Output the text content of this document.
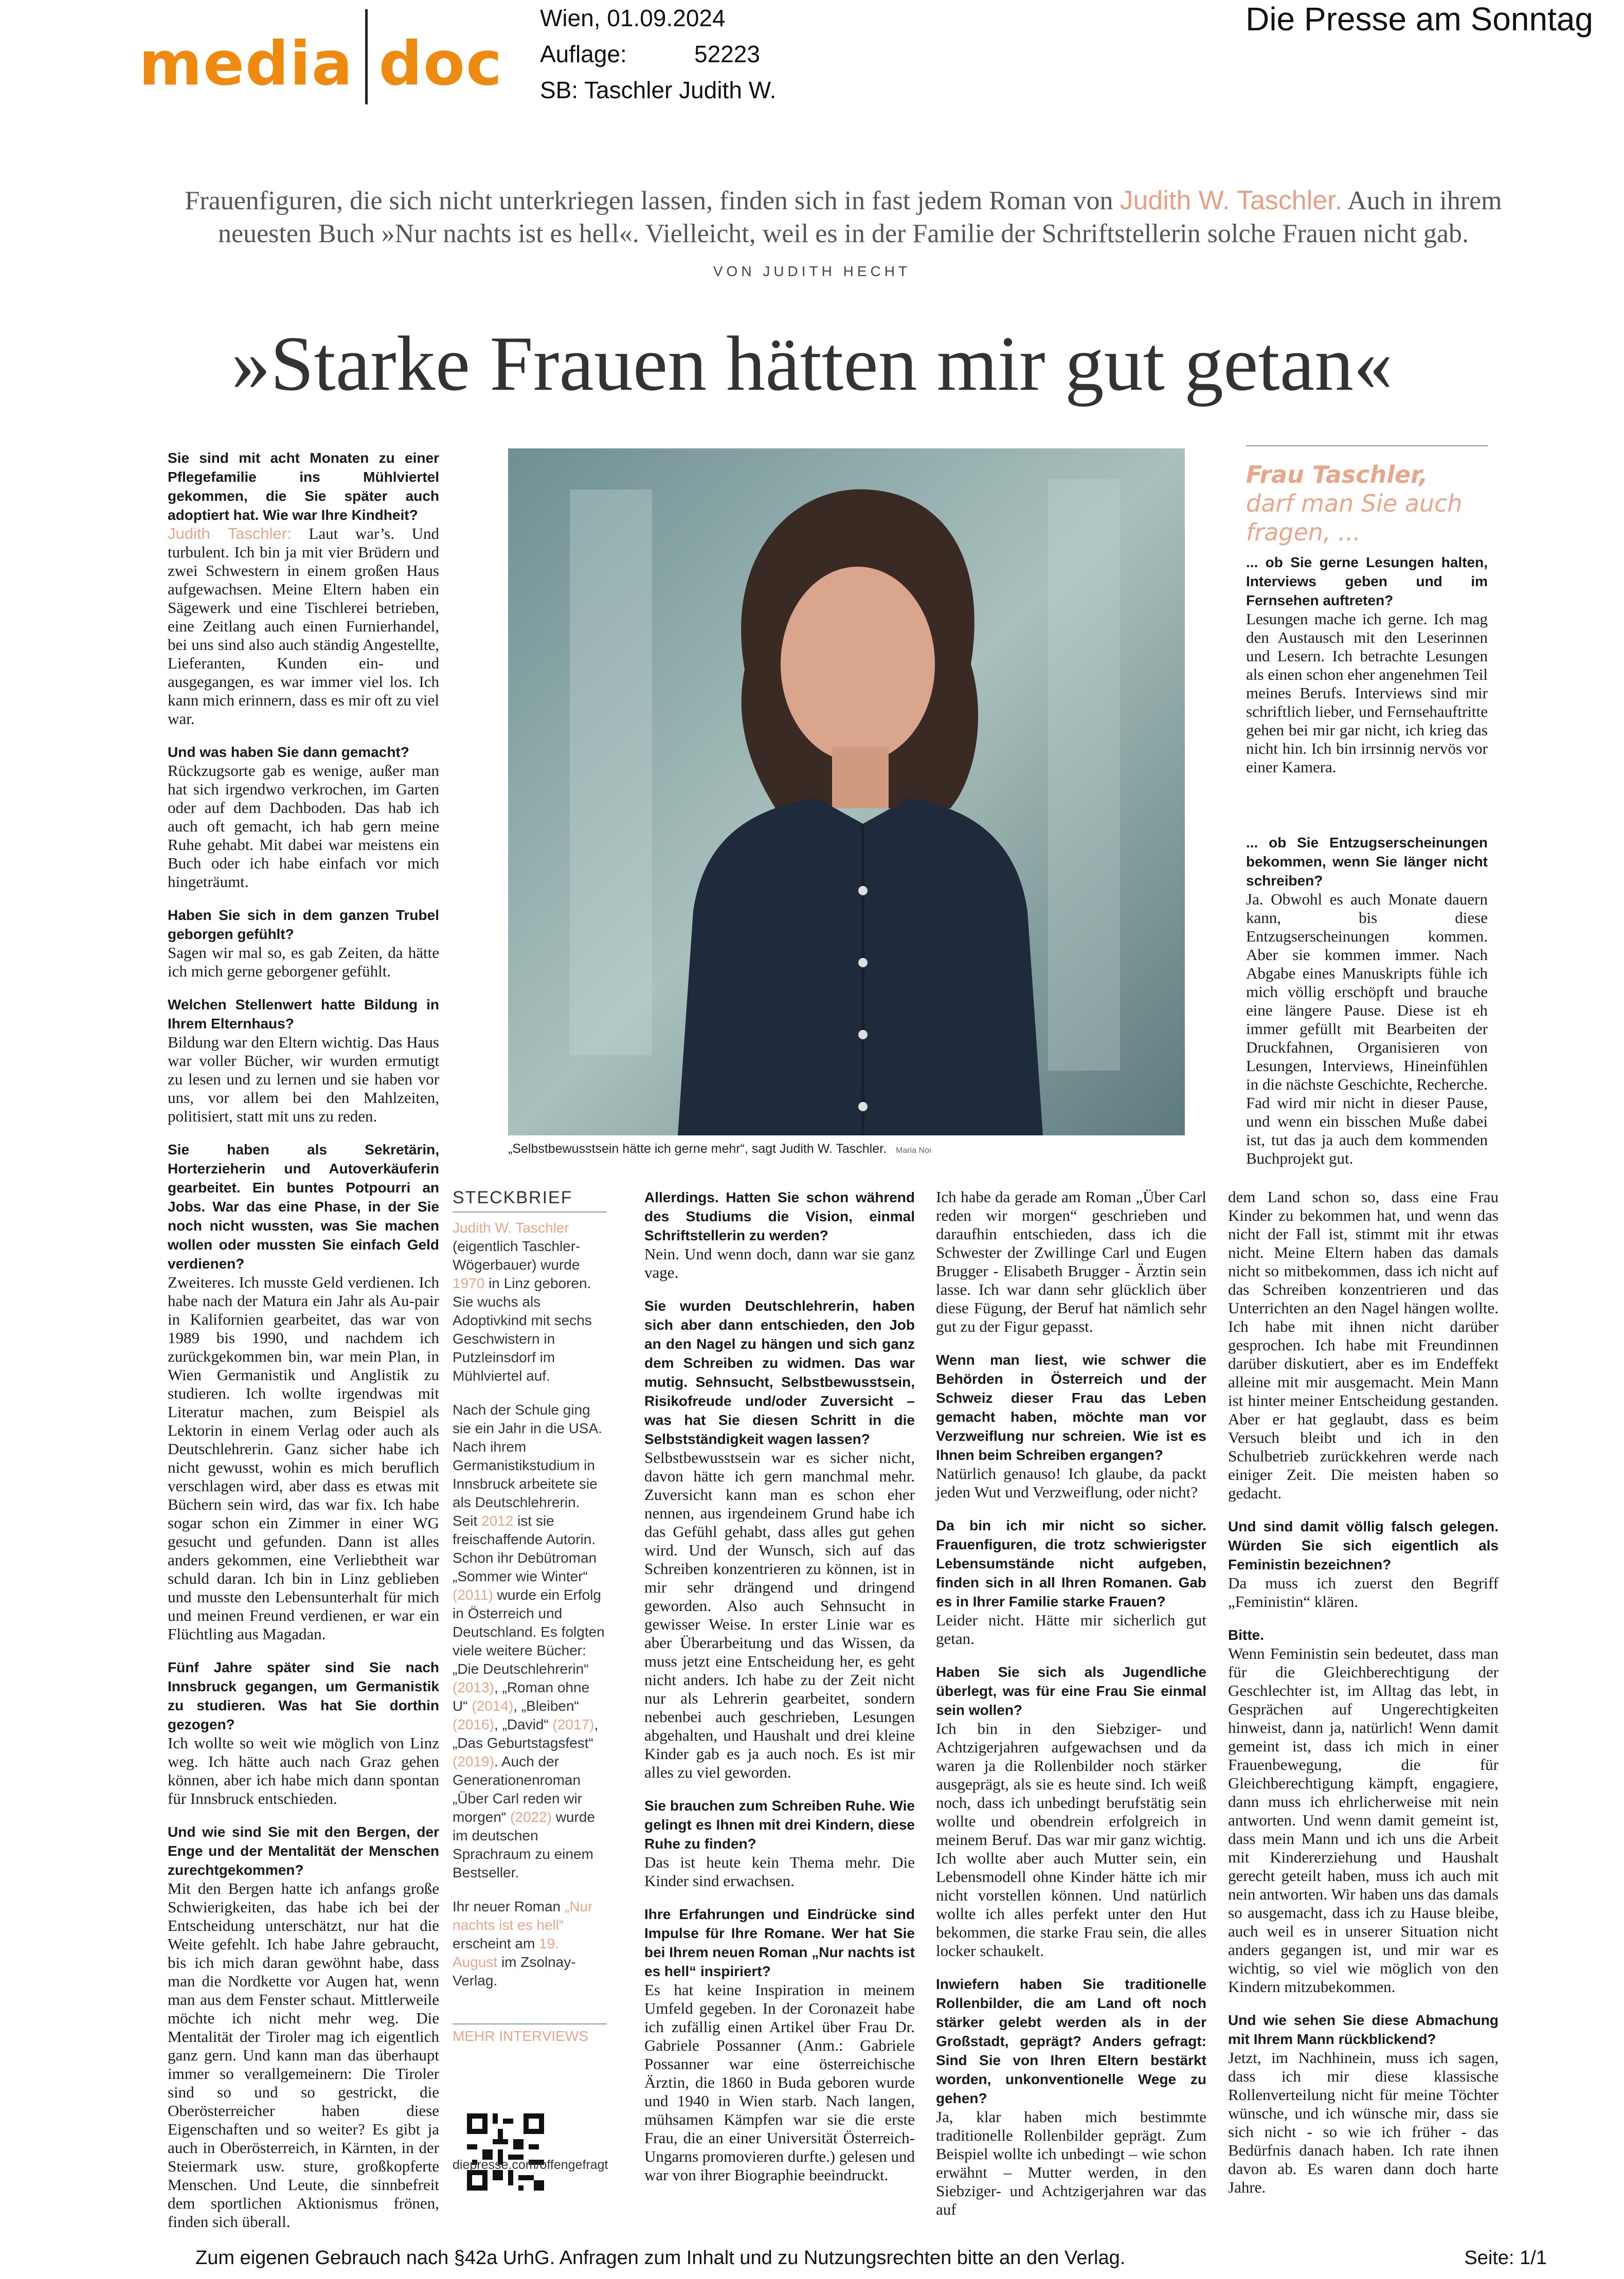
media doc
Wien, 01.09.2024
Auflage:	52223
SB: Taschler Judith W.
Die Presse am Sonntag
Frauenfiguren, die sich nicht unterkriegen lassen, finden sich in fast jedem Roman von Judith W. Taschler. Auch in ihrem
neuesten Buch »Nur nachts ist es hell«. Vielleicht, weil es in der Familie der Schriftstellerin solche Frauen nicht gab.
VON JUDITH HECHT
»Starke Frauen hätten mir gut getan«

Sie sind mit acht Monaten zu einer Pflegefamilie ins Mühlviertel gekommen, die Sie später auch adoptiert hat. Wie war Ihre Kindheit?
Judith Taschler: Laut war’s. Und turbulent. Ich bin ja mit vier Brüdern und zwei Schwestern in einem großen Haus aufgewachsen. Meine Eltern haben ein Sägewerk und eine Tischlerei betrieben, eine Zeitlang auch einen Furnierhandel, bei uns sind also auch ständig Angestellte, Lieferanten, Kunden ein- und ausgegangen, es war immer viel los. Ich kann mich erinnern, dass es mir oft zu viel war.

Und was haben Sie dann gemacht?
Rückzugsorte gab es wenige, außer man hat sich irgendwo verkrochen, im Garten oder auf dem Dachboden. Das hab ich auch oft gemacht, ich hab gern meine Ruhe gehabt. Mit dabei war meistens ein Buch oder ich habe einfach vor mich hingeträumt.

Haben Sie sich in dem ganzen Trubel geborgen gefühlt?
Sagen wir mal so, es gab Zeiten, da hätte ich mich gerne geborgener gefühlt.

Welchen Stellenwert hatte Bildung in Ihrem Elternhaus?
Bildung war den Eltern wichtig. Das Haus war voller Bücher, wir wurden ermutigt zu lesen und zu lernen und sie haben vor uns, vor allem bei den Mahlzeiten, politisiert, statt mit uns zu reden.

Sie haben als Sekretärin, Horterzieherin und Autoverkäuferin gearbeitet. Ein buntes Potpourri an Jobs. War das eine Phase, in der Sie noch nicht wussten, was Sie machen wollen oder mussten Sie einfach Geld verdienen?
Zweiteres. Ich musste Geld verdienen. Ich habe nach der Matura ein Jahr als Au-pair in Kalifornien gearbeitet, das war von 1989 bis 1990, und nachdem ich zurückgekommen bin, war mein Plan, in Wien Germanistik und Anglistik zu studieren. Ich wollte irgendwas mit Literatur machen, zum Beispiel als Lektorin in einem Verlag oder auch als Deutschlehrerin. Ganz sicher habe ich nicht gewusst, wohin es mich beruflich verschlagen wird, aber dass es etwas mit Büchern sein wird, das war fix. Ich habe sogar schon ein Zimmer in einer WG gesucht und gefunden. Dann ist alles anders gekommen, eine Verliebtheit war schuld daran. Ich bin in Linz geblieben und musste den Lebensunterhalt für mich und meinen Freund verdienen, er war ein Flüchtling aus Magadan.

Fünf Jahre später sind Sie nach Innsbruck gegangen, um Germanistik zu studieren. Was hat Sie dorthin gezogen?
Ich wollte so weit wie möglich von Linz weg. Ich hätte auch nach Graz gehen können, aber ich habe mich dann spontan für Innsbruck entschieden.

Und wie sind Sie mit den Bergen, der Enge und der Mentalität der Menschen zurechtgekommen?
Mit den Bergen hatte ich anfangs große Schwierigkeiten, das habe ich bei der Entscheidung unterschätzt, nur hat die Weite gefehlt. Ich habe Jahre gebraucht, bis ich mich daran gewöhnt habe, dass man die Nordkette vor Augen hat, wenn man aus dem Fenster schaut. Mittlerweile möchte ich nicht mehr weg. Die Mentalität der Tiroler mag ich eigentlich ganz gern. Und kann man das überhaupt immer so verallgemeinern: Die Tiroler sind so und so gestrickt, die Oberösterreicher haben diese Eigenschaften und so weiter? Es gibt ja auch in Oberösterreich, in Kärnten, in der Steiermark usw. sture, großkopferte Menschen. Und Leute, die sinnbefreit dem sportlichen Aktionismus frönen, finden sich überall.

„Selbstbewusstsein hätte ich gerne mehr“, sagt Judith W. Taschler. Maria Noi
Frau Taschler,
darf man Sie auch fragen, ...

... ob Sie gerne Lesungen halten, Interviews geben und im Fernsehen auftreten?
Lesungen mache ich gerne. Ich mag den Austausch mit den Leserinnen und Lesern. Ich betrachte Lesungen als einen schon eher angenehmen Teil meines Berufs. Interviews sind mir schriftlich lieber, und Fernsehauftritte gehen bei mir gar nicht, ich krieg das nicht hin. Ich bin irrsinnig nervös vor einer Kamera.

... ob Sie Entzugserscheinungen bekommen, wenn Sie länger nicht schreiben?
Ja. Obwohl es auch Monate dauern kann, bis diese Entzugserscheinungen kommen. Aber sie kommen immer. Nach Abgabe eines Manuskripts fühle ich mich völlig erschöpft und brauche eine längere Pause. Diese ist eh immer gefüllt mit Bearbeiten der Druckfahnen, Organisieren von Lesungen, Interviews, Hineinfühlen in die nächste Geschichte, Recherche. Fad wird mir nicht in dieser Pause, und wenn ein bisschen Muße dabei ist, tut das ja auch dem kommenden Buchprojekt gut.

STECKBRIEF

Judith W. Taschler (eigentlich Taschler-Wögerbauer) wurde 1970 in Linz geboren. Sie wuchs als Adoptivkind mit sechs Geschwistern in Putzleinsdorf im Mühlviertel auf.

Nach der Schule ging sie ein Jahr in die USA. Nach ihrem Germanistikstudium in Innsbruck arbeitete sie als Deutschlehrerin. Seit 2012 ist sie freischaffende Autorin. Schon ihr Debütroman „Sommer wie Winter“ (2011) wurde ein Erfolg in Österreich und Deutschland. Es folgten viele weitere Bücher: „Die Deutschlehrerin“ (2013), „Roman ohne U“ (2014), „Bleiben“ (2016), „David“ (2017), „Das Geburtstagsfest“ (2019). Auch der Generationenroman „Über Carl reden wir morgen“ (2022) wurde im deutschen Sprachraum zu einem Bestseller.

Ihr neuer Roman „Nur nachts ist es hell“ erscheint am 19. August im Zsolnay-Verlag.

MEHR INTERVIEWS
diepresse.com/offengefragt

Allerdings. Hatten Sie schon während des Studiums die Vision, einmal Schriftstellerin zu werden?
Nein. Und wenn doch, dann war sie ganz vage.

Sie wurden Deutschlehrerin, haben sich aber dann entschieden, den Job an den Nagel zu hängen und sich ganz dem Schreiben zu widmen. Das war mutig. Sehnsucht, Selbstbewusstsein, Risikofreude und/oder Zuversicht – was hat Sie diesen Schritt in die Selbstständigkeit wagen lassen?
Selbstbewusstsein war es sicher nicht, davon hätte ich gern manchmal mehr. Zuversicht kann man es schon eher nennen, aus irgendeinem Grund habe ich das Gefühl gehabt, dass alles gut gehen wird. Und der Wunsch, sich auf das Schreiben konzentrieren zu können, ist in mir sehr drängend und dringend geworden. Also auch Sehnsucht in gewisser Weise. In erster Linie war es aber Überarbeitung und das Wissen, da muss jetzt eine Entscheidung her, es geht nicht anders. Ich habe zu der Zeit nicht nur als Lehrerin gearbeitet, sondern nebenbei auch geschrieben, Lesungen abgehalten, und Haushalt und drei kleine Kinder gab es ja auch noch. Es ist mir alles zu viel geworden.

Sie brauchen zum Schreiben Ruhe. Wie gelingt es Ihnen mit drei Kindern, diese Ruhe zu finden?
Das ist heute kein Thema mehr. Die Kinder sind erwachsen.

Ihre Erfahrungen und Eindrücke sind Impulse für Ihre Romane. Wer hat Sie bei Ihrem neuen Roman „Nur nachts ist es hell“ inspiriert?
Es hat keine Inspiration in meinem Umfeld gegeben. In der Coronazeit habe ich zufällig einen Artikel über Frau Dr. Gabriele Possanner (Anm.: Gabriele Possanner war eine österreichische Ärztin, die 1860 in Buda geboren wurde und 1940 in Wien starb. Nach langen, mühsamen Kämpfen war sie die erste Frau, die an einer Universität Österreich-Ungarns promovieren durfte.) gelesen und war von ihrer Biographie beeindruckt.

Ich habe da gerade am Roman „Über Carl reden wir morgen“ geschrieben und daraufhin entschieden, dass ich die Schwester der Zwillinge Carl und Eugen Brugger - Elisabeth Brugger - Ärztin sein lasse. Ich war dann sehr glücklich über diese Fügung, der Beruf hat nämlich sehr gut zu der Figur gepasst.

Wenn man liest, wie schwer die Behörden in Österreich und der Schweiz dieser Frau das Leben gemacht haben, möchte man vor Verzweiflung nur schreien. Wie ist es Ihnen beim Schreiben ergangen?
Natürlich genauso! Ich glaube, da packt jeden Wut und Verzweiflung, oder nicht?

Da bin ich mir nicht so sicher. Frauenfiguren, die trotz schwierigster Lebensumstände nicht aufgeben, finden sich in all Ihren Romanen. Gab es in Ihrer Familie starke Frauen?
Leider nicht. Hätte mir sicherlich gut getan.

Haben Sie sich als Jugendliche überlegt, was für eine Frau Sie einmal sein wollen?
Ich bin in den Siebziger- und Achtzigerjahren aufgewachsen und da waren ja die Rollenbilder noch stärker ausgeprägt, als sie es heute sind. Ich weiß noch, dass ich unbedingt berufstätig sein wollte und obendrein erfolgreich in meinem Beruf. Das war mir ganz wichtig. Ich wollte aber auch Mutter sein, ein Lebensmodell ohne Kinder hätte ich mir nicht vorstellen können. Und natürlich wollte ich alles perfekt unter den Hut bekommen, die starke Frau sein, die alles locker schaukelt.

Inwiefern haben Sie traditionelle Rollenbilder, die am Land oft noch stärker gelebt werden als in der Großstadt, geprägt? Anders gefragt: Sind Sie von Ihren Eltern bestärkt worden, unkonventionelle Wege zu gehen?
Ja, klar haben mich bestimmte traditionelle Rollenbilder geprägt. Zum Beispiel wollte ich unbedingt – wie schon erwähnt – Mutter werden, in den Siebziger- und Achtzigerjahren war das auf

dem Land schon so, dass eine Frau Kinder zu bekommen hat, und wenn das nicht der Fall ist, stimmt mit ihr etwas nicht. Meine Eltern haben das damals nicht so mitbekommen, dass ich nicht auf das Schreiben konzentrieren und das Unterrichten an den Nagel hängen wollte. Ich habe mit ihnen nicht darüber gesprochen. Ich habe mit Freundinnen darüber diskutiert, aber es im Endeffekt alleine mit mir ausgemacht. Mein Mann ist hinter meiner Entscheidung gestanden. Aber er hat geglaubt, dass es beim Versuch bleibt und ich in den Schulbetrieb zurückkehren werde nach einiger Zeit. Die meisten haben so gedacht.

Und sind damit völlig falsch gelegen. Würden Sie sich eigentlich als Feministin bezeichnen?
Da muss ich zuerst den Begriff „Feministin“ klären.

Bitte.
Wenn Feministin sein bedeutet, dass man für die Gleichberechtigung der Geschlechter ist, im Alltag das lebt, in Gesprächen auf Ungerechtigkeiten hinweist, dann ja, natürlich! Wenn damit gemeint ist, dass ich mich in einer Frauenbewegung, die für Gleichberechtigung kämpft, engagiere, dann muss ich ehrlicherweise mit nein antworten. Und wenn damit gemeint ist, dass mein Mann und ich uns die Arbeit mit Kindererziehung und Haushalt gerecht geteilt haben, muss ich auch mit nein antworten. Wir haben uns das damals so ausgemacht, dass ich zu Hause bleibe, auch weil es in unserer Situation nicht anders gegangen ist, und mir war es wichtig, so viel wie möglich von den Kindern mitzubekommen.

Und wie sehen Sie diese Abmachung mit Ihrem Mann rückblickend?
Jetzt, im Nachhinein, muss ich sagen, dass ich mir diese klassische Rollenverteilung nicht für meine Töchter wünsche, und ich wünsche mir, dass sie sich nicht - so wie ich früher - das Bedürfnis danach haben. Ich rate ihnen davon ab. Es waren dann doch harte Jahre.

Zum eigenen Gebrauch nach §42a UrhG. Anfragen zum Inhalt und zu Nutzungsrechten bitte an den Verlag.	Seite: 1/1
